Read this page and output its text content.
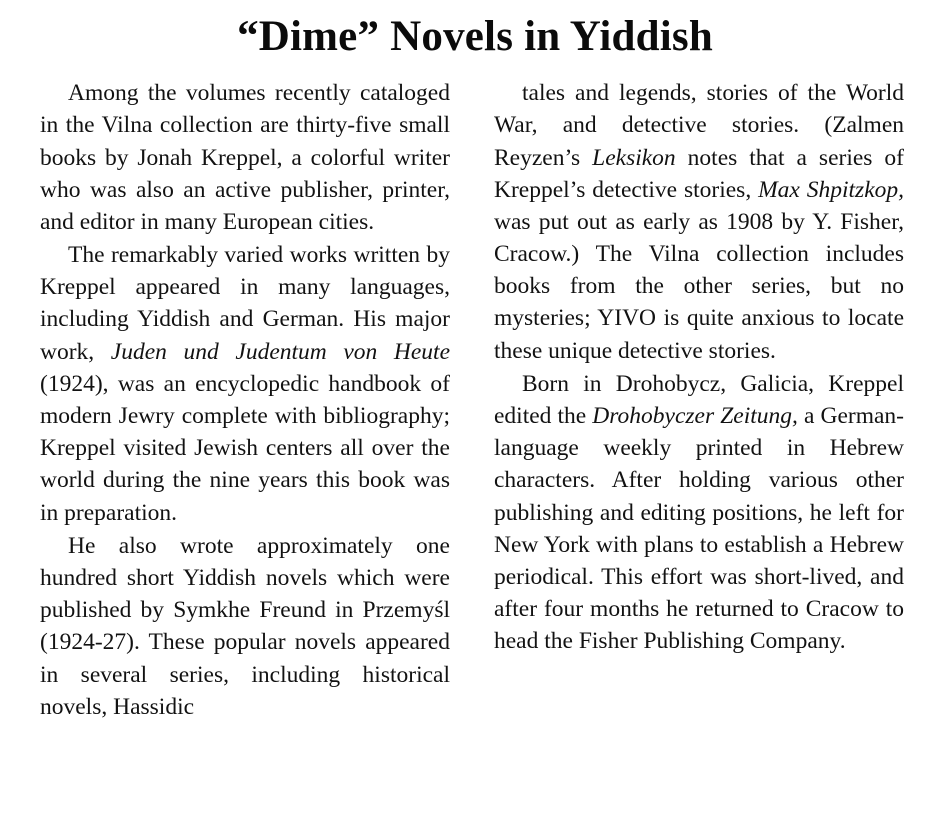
“Dime” Novels in Yiddish

Among the volumes recently cataloged in the Vilna collection are thirty-five small books by Jonah Kreppel, a colorful writer who was also an active publisher, printer, and editor in many European cities.

The remarkably varied works written by Kreppel appeared in many languages, including Yiddish and German. His major work, Juden und Judentum von Heute (1924), was an encyclopedic handbook of modern Jewry complete with bibliography; Kreppel visited Jewish centers all over the world during the nine years this book was in preparation.

He also wrote approximately one hundred short Yiddish novels which were published by Symkhe Freund in Przemyśl (1924-27). These popular novels appeared in several series, including historical novels, Hassidic

tales and legends, stories of the World War, and detective stories. (Zalmen Reyzen’s Leksikon notes that a series of Kreppel’s detective stories, Max Shpitzkop, was put out as early as 1908 by Y. Fisher, Cracow.) The Vilna collection includes books from the other series, but no mysteries; YIVO is quite anxious to locate these unique detective stories.

Born in Drohobycz, Galicia, Kreppel edited the Drohobyczer Zeitung, a German-language weekly printed in Hebrew characters. After holding various other publishing and editing positions, he left for New York with plans to establish a Hebrew periodical. This effort was short-lived, and after four months he returned to Cracow to head the Fisher Publishing Company.
